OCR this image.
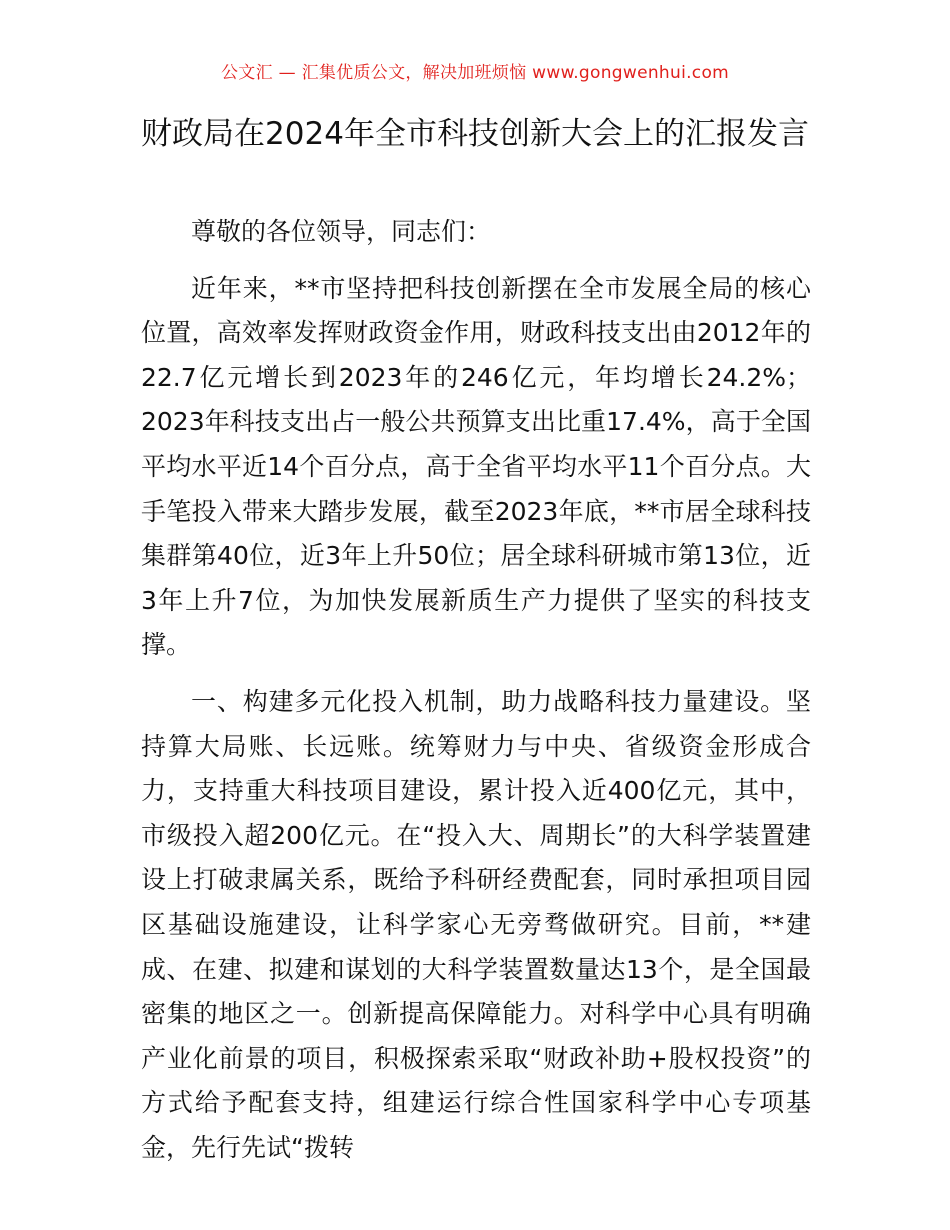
公文汇 — 汇集优质公文，解决加班烦恼 www.gongwenhui.com
财政局在2024年全市科技创新大会上的汇报发言

尊敬的各位领导，同志们：

近年来，**市坚持把科技创新摆在全市发展全局的核心位置，高效率发挥财政资金作用，财政科技支出由2012年的22.7亿元增长到2023年的246亿元，年均增长24.2%；2023年科技支出占一般公共预算支出比重17.4%，高于全国平均水平近14个百分点，高于全省平均水平11个百分点。大手笔投入带来大踏步发展，截至2023年底，**市居全球科技集群第40位，近3年上升50位；居全球科研城市第13位，近3年上升7位，为加快发展新质生产力提供了坚实的科技支撑。

一、构建多元化投入机制，助力战略科技力量建设。坚持算大局账、长远账。统筹财力与中央、省级资金形成合力，支持重大科技项目建设，累计投入近400亿元，其中，市级投入超200亿元。在“投入大、周期长”的大科学装置建设上打破隶属关系，既给予科研经费配套，同时承担项目园区基础设施建设，让科学家心无旁骛做研究。目前，**建成、在建、拟建和谋划的大科学装置数量达13个，是全国最密集的地区之一。创新提高保障能力。对科学中心具有明确产业化前景的项目，积极探索采取“财政补助+股权投资”的方式给予配套支持，组建运行综合性国家科学中心专项基金，先行先试“拨转
